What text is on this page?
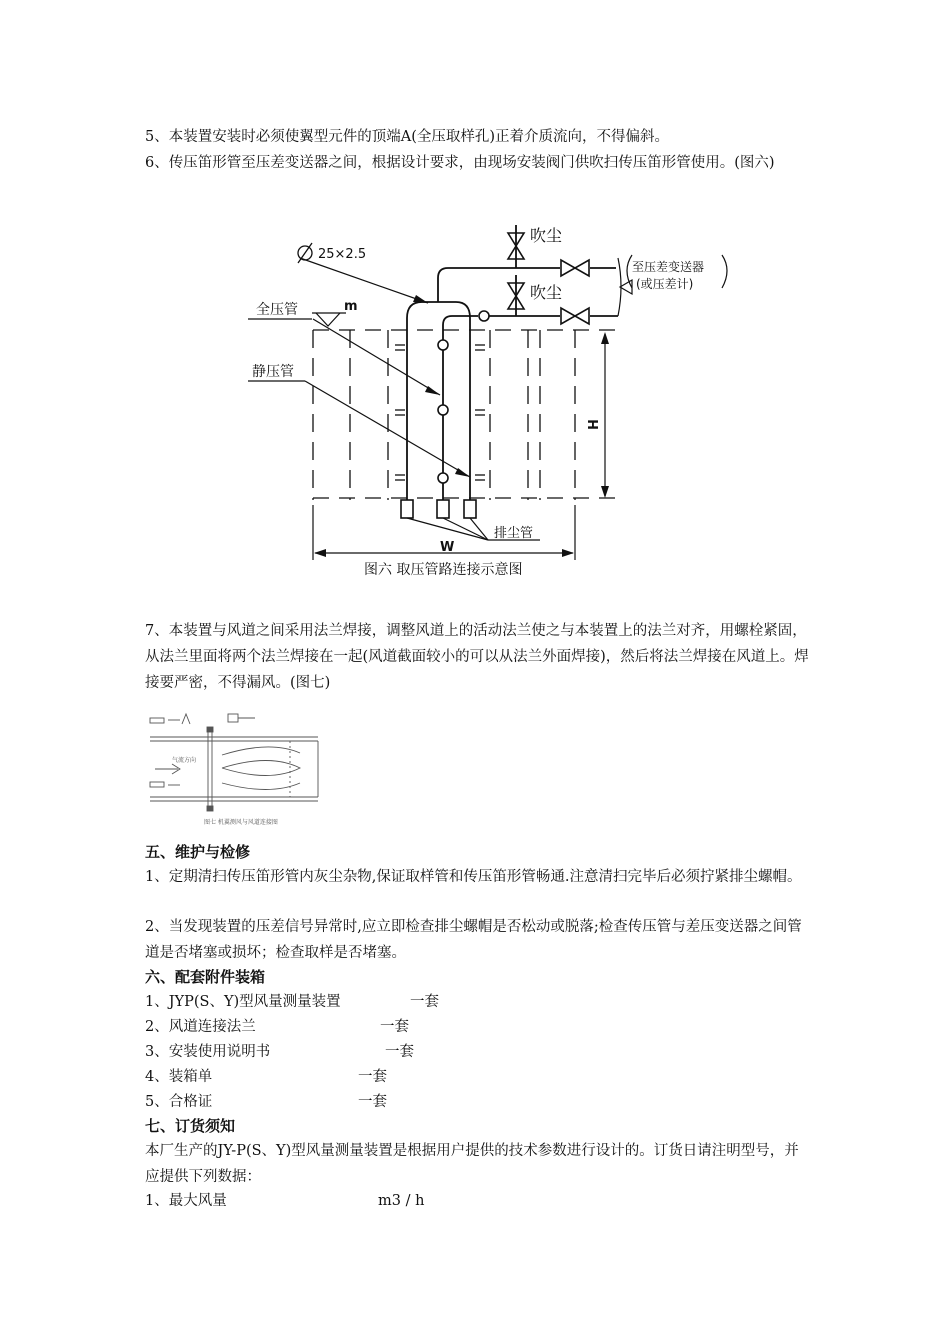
5、本装置安装时必须使翼型元件的顶端A(全压取样孔)正着介质流向，不得偏斜。

6、传压笛形管至压差变送器之间，根据设计要求，由现场安装阀门供吹扫传压笛形管使用。(图六)

25×2.5
吹尘
吹尘
至压差变送器
(或压差计)
全压管	m
静压管
H
排尘管
W
图六 取压管路连接示意图

7、本装置与风道之间采用法兰焊接，调整风道上的活动法兰使之与本装置上的法兰对齐，用螺栓紧固，从法兰里面将两个法兰焊接在一起(风道截面较小的可以从法兰外面焊接)，然后将法兰焊接在风道上。焊接要严密，不得漏风。(图七)

气流方向
图七 机翼测风与风道连接图

五、维护与检修

1、定期清扫传压笛形管内灰尘杂物,保证取样管和传压笛形管畅通.注意清扫完毕后必须拧紧排尘螺帽。

2、当发现装置的压差信号异常时,应立即检查排尘螺帽是否松动或脱落;检查传压管与差压变送器之间管道是否堵塞或损坏；检查取样是否堵塞。

六、配套附件装箱

1、JYP(S、Y)型风量测量装置	一套
2、风道连接法兰	一套
3、安装使用说明书	一套
4、装箱单	一套
5、合格证	一套

七、订货须知

本厂生产的JY-P(S、Y)型风量测量装置是根据用户提供的技术参数进行设计的。订货日请注明型号，并应提供下列数据：

1、最大风量	m3 / h
